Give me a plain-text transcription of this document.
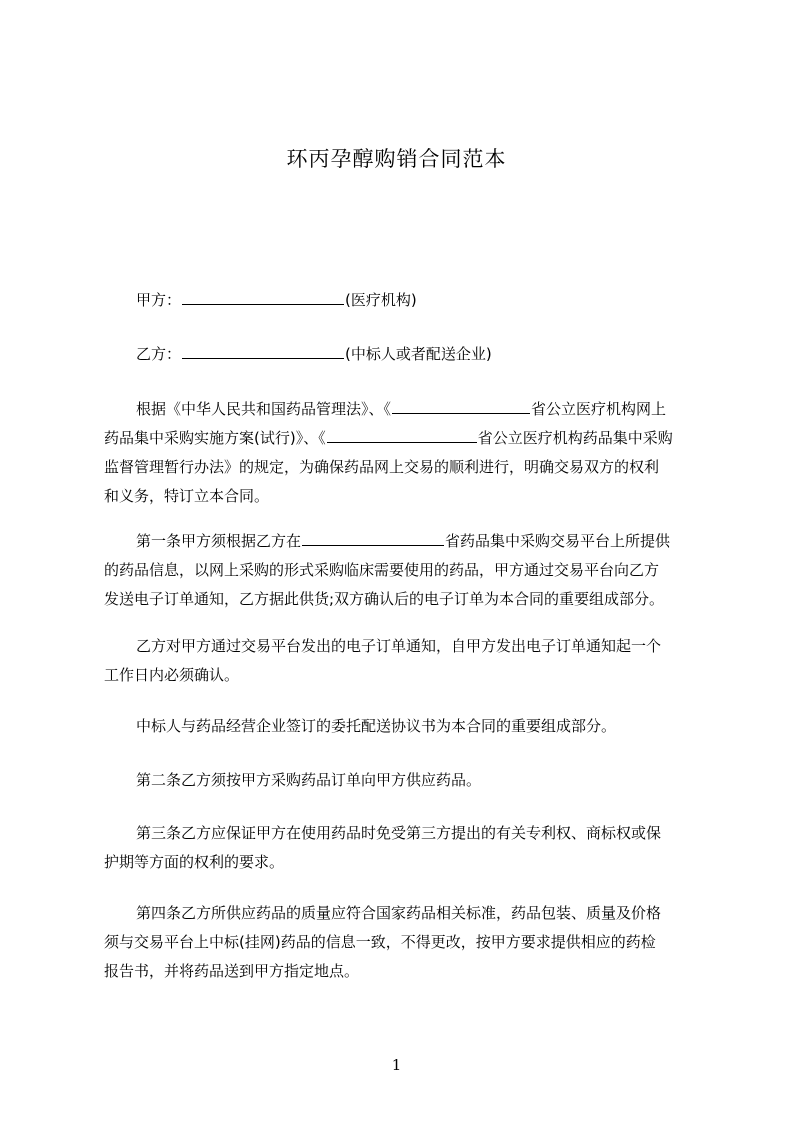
环丙孕醇购销合同范本
甲方：	(医疗机构)
乙方：	(中标人或者配送企业)
根据《中华人民共和国药品管理法》、《	省公立医疗机构网上
药品集中采购实施方案(试行)》、《	省公立医疗机构药品集中采购
监督管理暂行办法》的规定，为确保药品网上交易的顺利进行，明确交易双方的权利
和义务，特订立本合同。
第一条甲方须根据乙方在	省药品集中采购交易平台上所提供
的药品信息，以网上采购的形式采购临床需要使用的药品，甲方通过交易平台向乙方
发送电子订单通知，乙方据此供货;双方确认后的电子订单为本合同的重要组成部分。
乙方对甲方通过交易平台发出的电子订单通知，自甲方发出电子订单通知起一个
工作日内必须确认。
中标人与药品经营企业签订的委托配送协议书为本合同的重要组成部分。
第二条乙方须按甲方采购药品订单向甲方供应药品。
第三条乙方应保证甲方在使用药品时免受第三方提出的有关专利权、商标权或保
护期等方面的权利的要求。
第四条乙方所供应药品的质量应符合国家药品相关标准，药品包装、质量及价格
须与交易平台上中标(挂网)药品的信息一致，不得更改，按甲方要求提供相应的药检
报告书，并将药品送到甲方指定地点。
1
